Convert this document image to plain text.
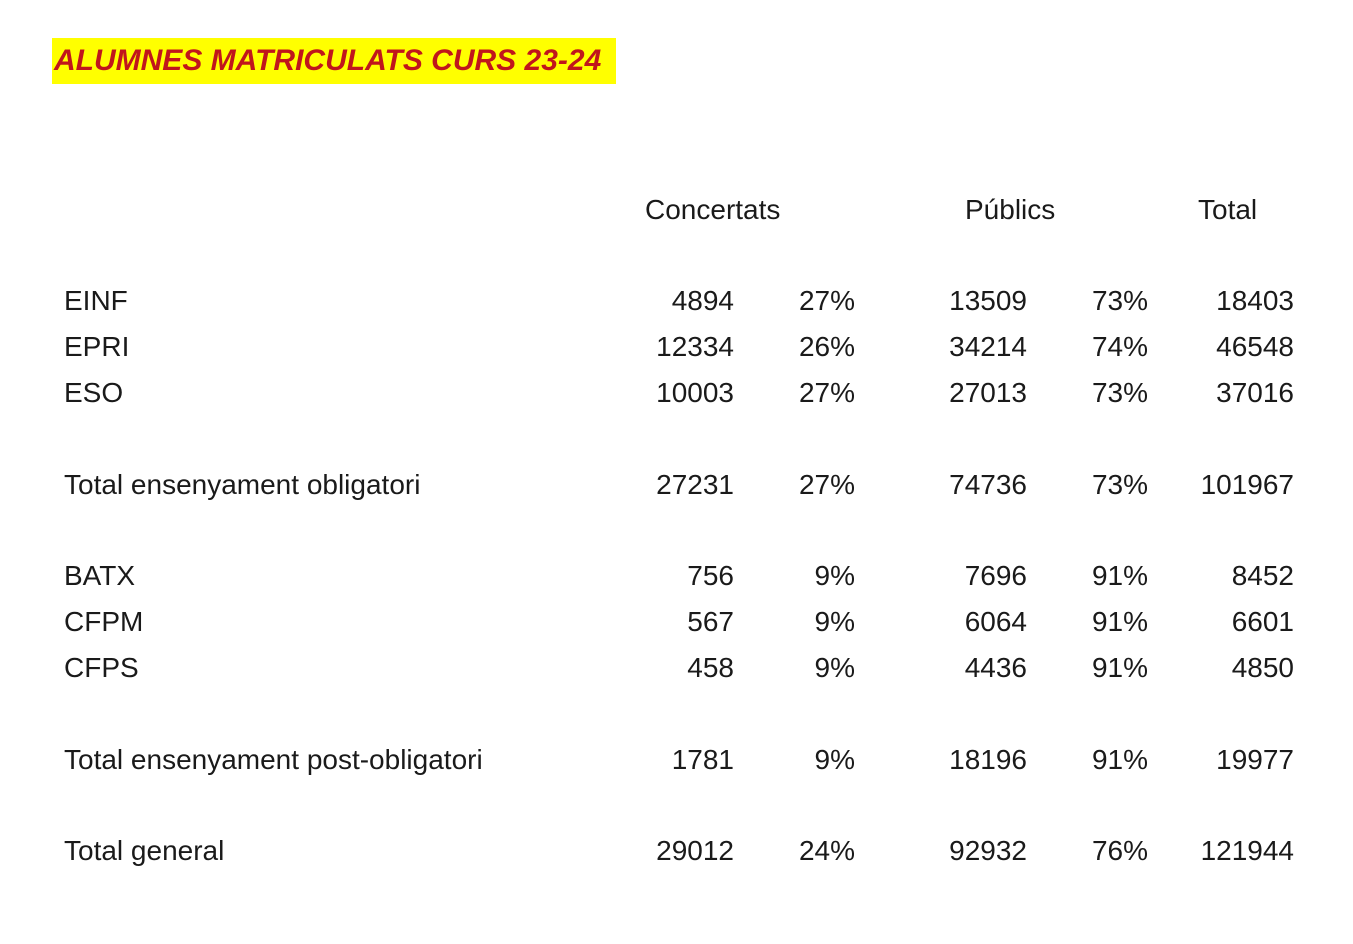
ALUMNES MATRICULATS CURS 23-24
Concertats	Públics	Total
EINF	4894 27%	13509 73% 18403
EPRI	12334 26%	34214 74% 46548
ESO	10003 27%	27013 73% 37016
Total ensenyament obligatori	27231 27%	74736 73% 101967
BATX	756	9%	7696 91%	8452
CFPM	567	9%	6064 91%	6601
CFPS	458	9%	4436 91%	4850
Total ensenyament post-obligatori	1781	9%	18196 91% 19977
Total general	29012 24%	92932 76% 121944
